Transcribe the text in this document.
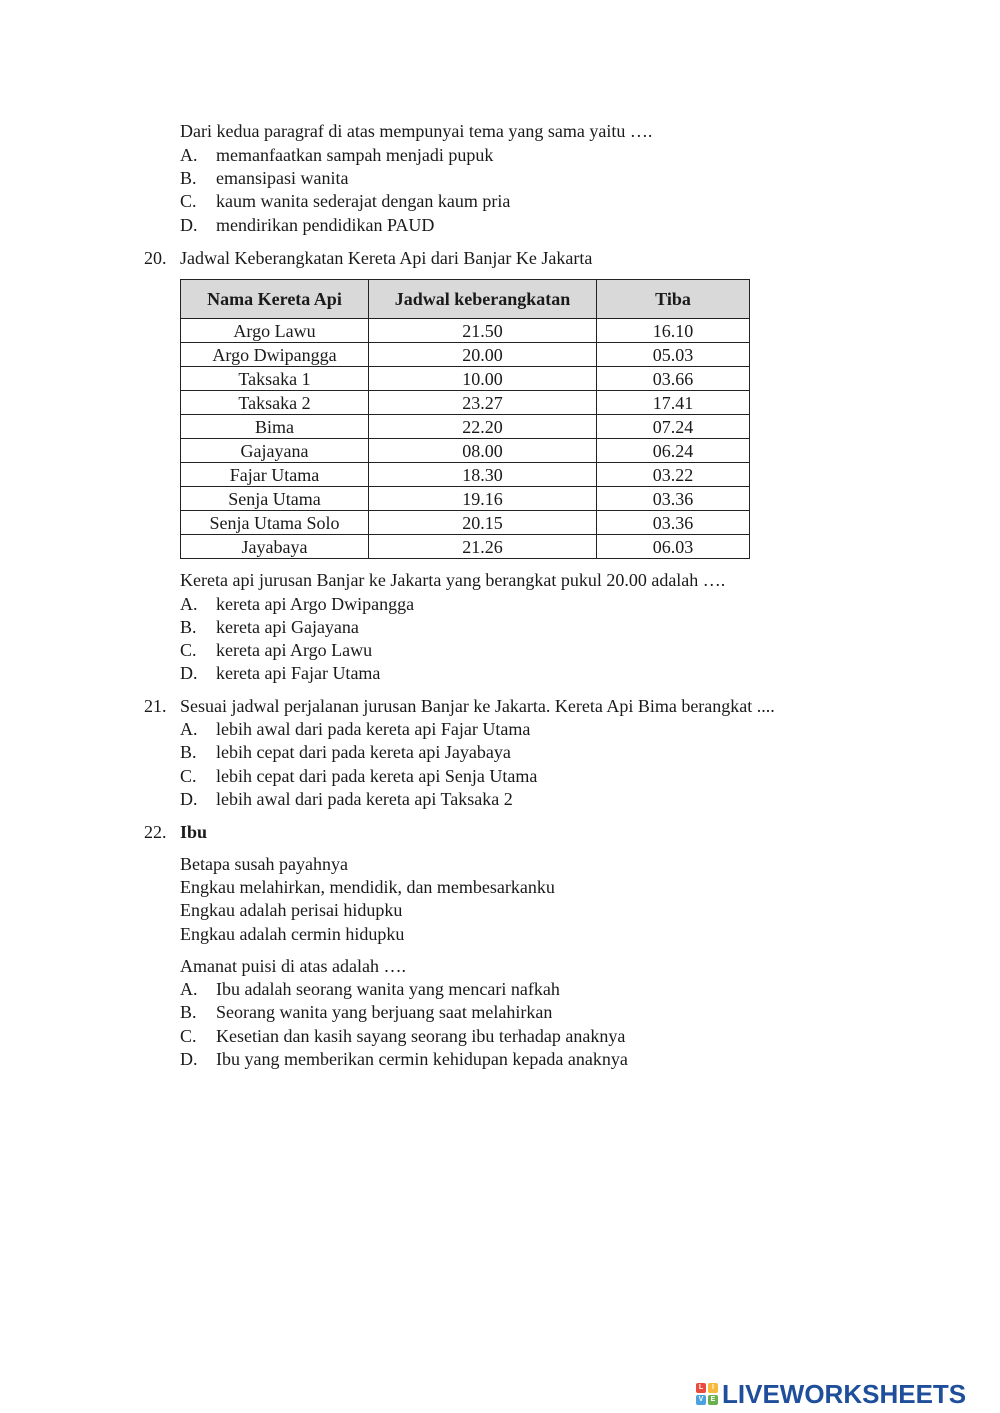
Dari kedua paragraf di atas mempunyai tema yang sama yaitu ….
A. memanfaatkan sampah menjadi pupuk
B. emansipasi wanita
C. kaum wanita sederajat dengan kaum pria
D. mendirikan pendidikan PAUD
20. Jadwal Keberangkatan Kereta Api dari Banjar Ke Jakarta
Nama Kereta Api	Jadwal keberangkatan	Tiba
Argo Lawu	21.50	16.10
Argo Dwipangga	20.00	05.03
Taksaka 1	10.00	03.66
Taksaka 2	23.27	17.41
Bima	22.20	07.24
Gajayana	08.00	06.24
Fajar Utama	18.30	03.22
Senja Utama	19.16	03.36
Senja Utama Solo	20.15	03.36
Jayabaya	21.26	06.03
Kereta api jurusan Banjar ke Jakarta yang berangkat pukul 20.00 adalah ….
A. kereta api Argo Dwipangga
B. kereta api Gajayana
C. kereta api Argo Lawu
D. kereta api Fajar Utama
21. Sesuai jadwal perjalanan jurusan Banjar ke Jakarta. Kereta Api Bima berangkat ....
A. lebih awal dari pada kereta api Fajar Utama
B. lebih cepat dari pada kereta api Jayabaya
C. lebih cepat dari pada kereta api Senja Utama
D. lebih awal dari pada kereta api Taksaka 2
22. Ibu
Betapa susah payahnya
Engkau melahirkan, mendidik, dan membesarkanku
Engkau adalah perisai hidupku
Engkau adalah cermin hidupku
Amanat puisi di atas adalah ….
A. Ibu adalah seorang wanita yang mencari nafkah
B. Seorang wanita yang berjuang saat melahirkan
C. Kesetian dan kasih sayang seorang ibu terhadap anaknya
D. Ibu yang memberikan cermin kehidupan kepada anaknya
L	I
V	E LIVEWORKSHEETS
